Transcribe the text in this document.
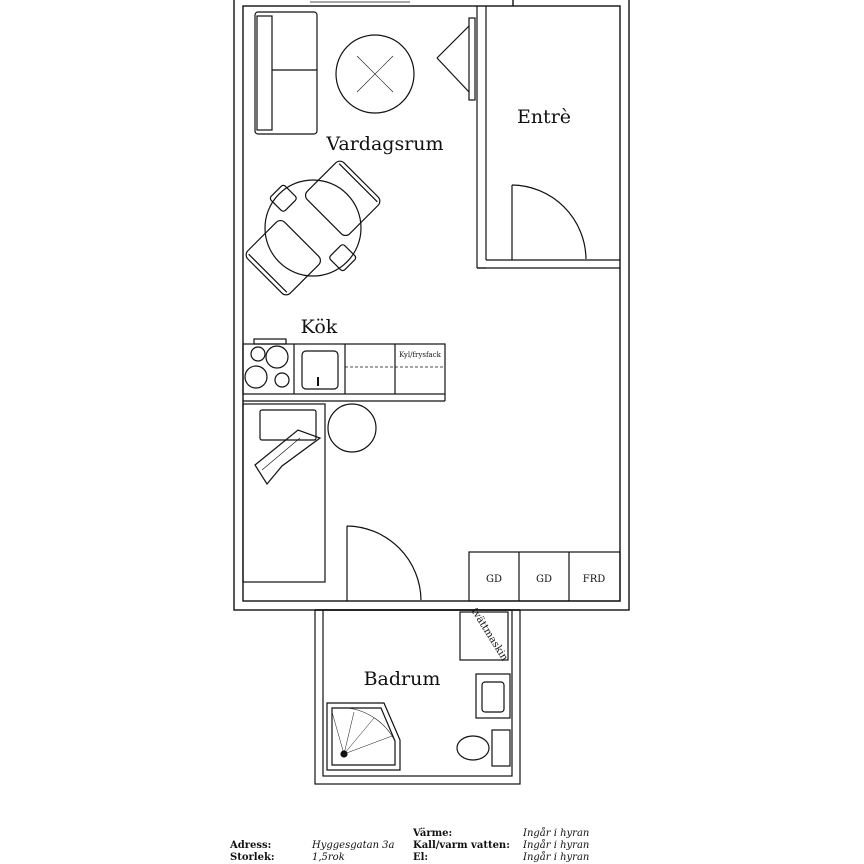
Vardagsrum
Entrè
Kök
Badrum
Kyl/frysfack
tvättmaskin
GD	GD	FRD
Adress:	Hyggesgatan 3a
Storlek:	1,5rok
Värme:	Ingår i hyran
Kall/varm vatten: Ingår i hyran
El:	Ingår i hyran
